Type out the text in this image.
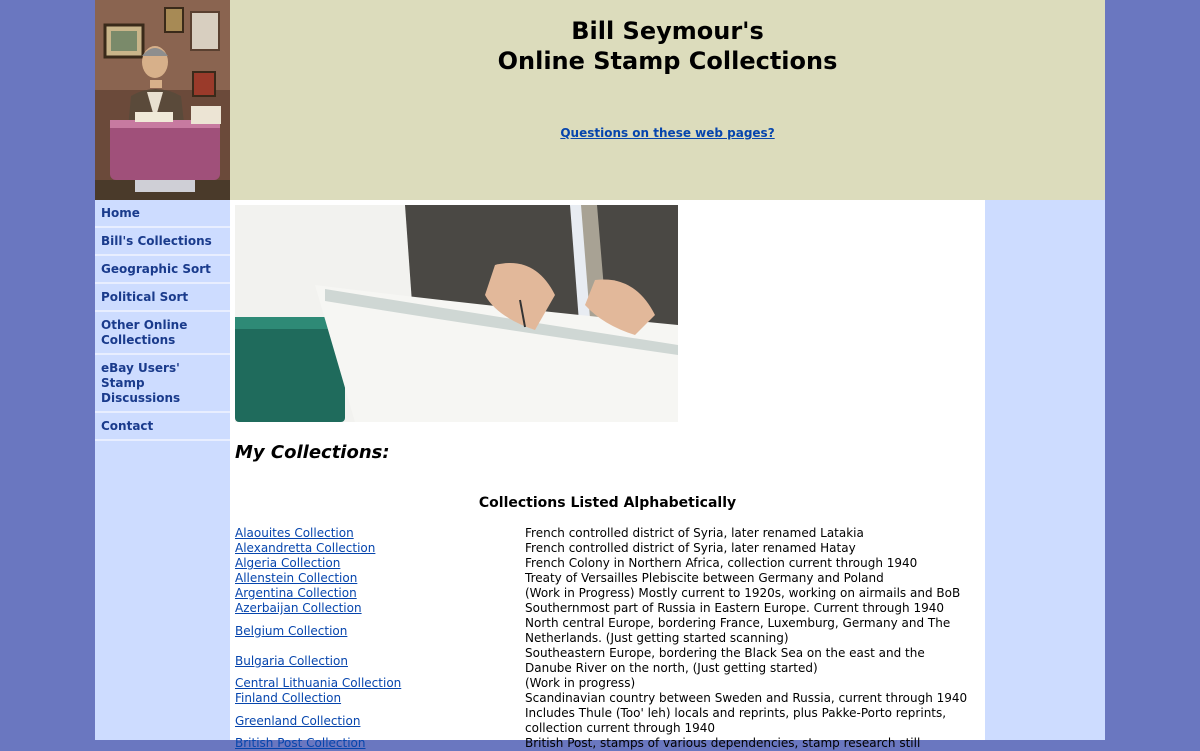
Bill Seymour's
Online Stamp Collections
Questions on these web pages?
Home
Bill's Collections
Geographic Sort
Political Sort
Other Online Collections
eBay Users' Stamp Discussions
Contact
My Collections:
Collections Listed Alphabetically
Alaouites Collection	French controlled district of Syria, later renamed Latakia
Alexandretta Collection	French controlled district of Syria, later renamed Hatay
Algeria Collection	French Colony in Northern Africa, collection current through 1940
Allenstein Collection	Treaty of Versailles Plebiscite between Germany and Poland
Argentina Collection	(Work in Progress) Mostly current to 1920s, working on airmails and BoB
Azerbaijan Collection	Southernmost part of Russia in Eastern Europe. Current through 1940
Belgium Collection	North central Europe, bordering France, Luxemburg, Germany and The Netherlands. (Just getting started scanning)
Bulgaria Collection	Southeastern Europe, bordering the Black Sea on the east and the Danube River on the north, (Just getting started)
Central Lithuania Collection	(Work in progress)
Finland Collection	Scandinavian country between Sweden and Russia, current through 1940
Greenland Collection	Includes Thule (Too' leh) locals and reprints, plus Pakke-Porto reprints, collection current through 1940
British Post Collection	British Post, stamps of various dependencies, stamp research still
